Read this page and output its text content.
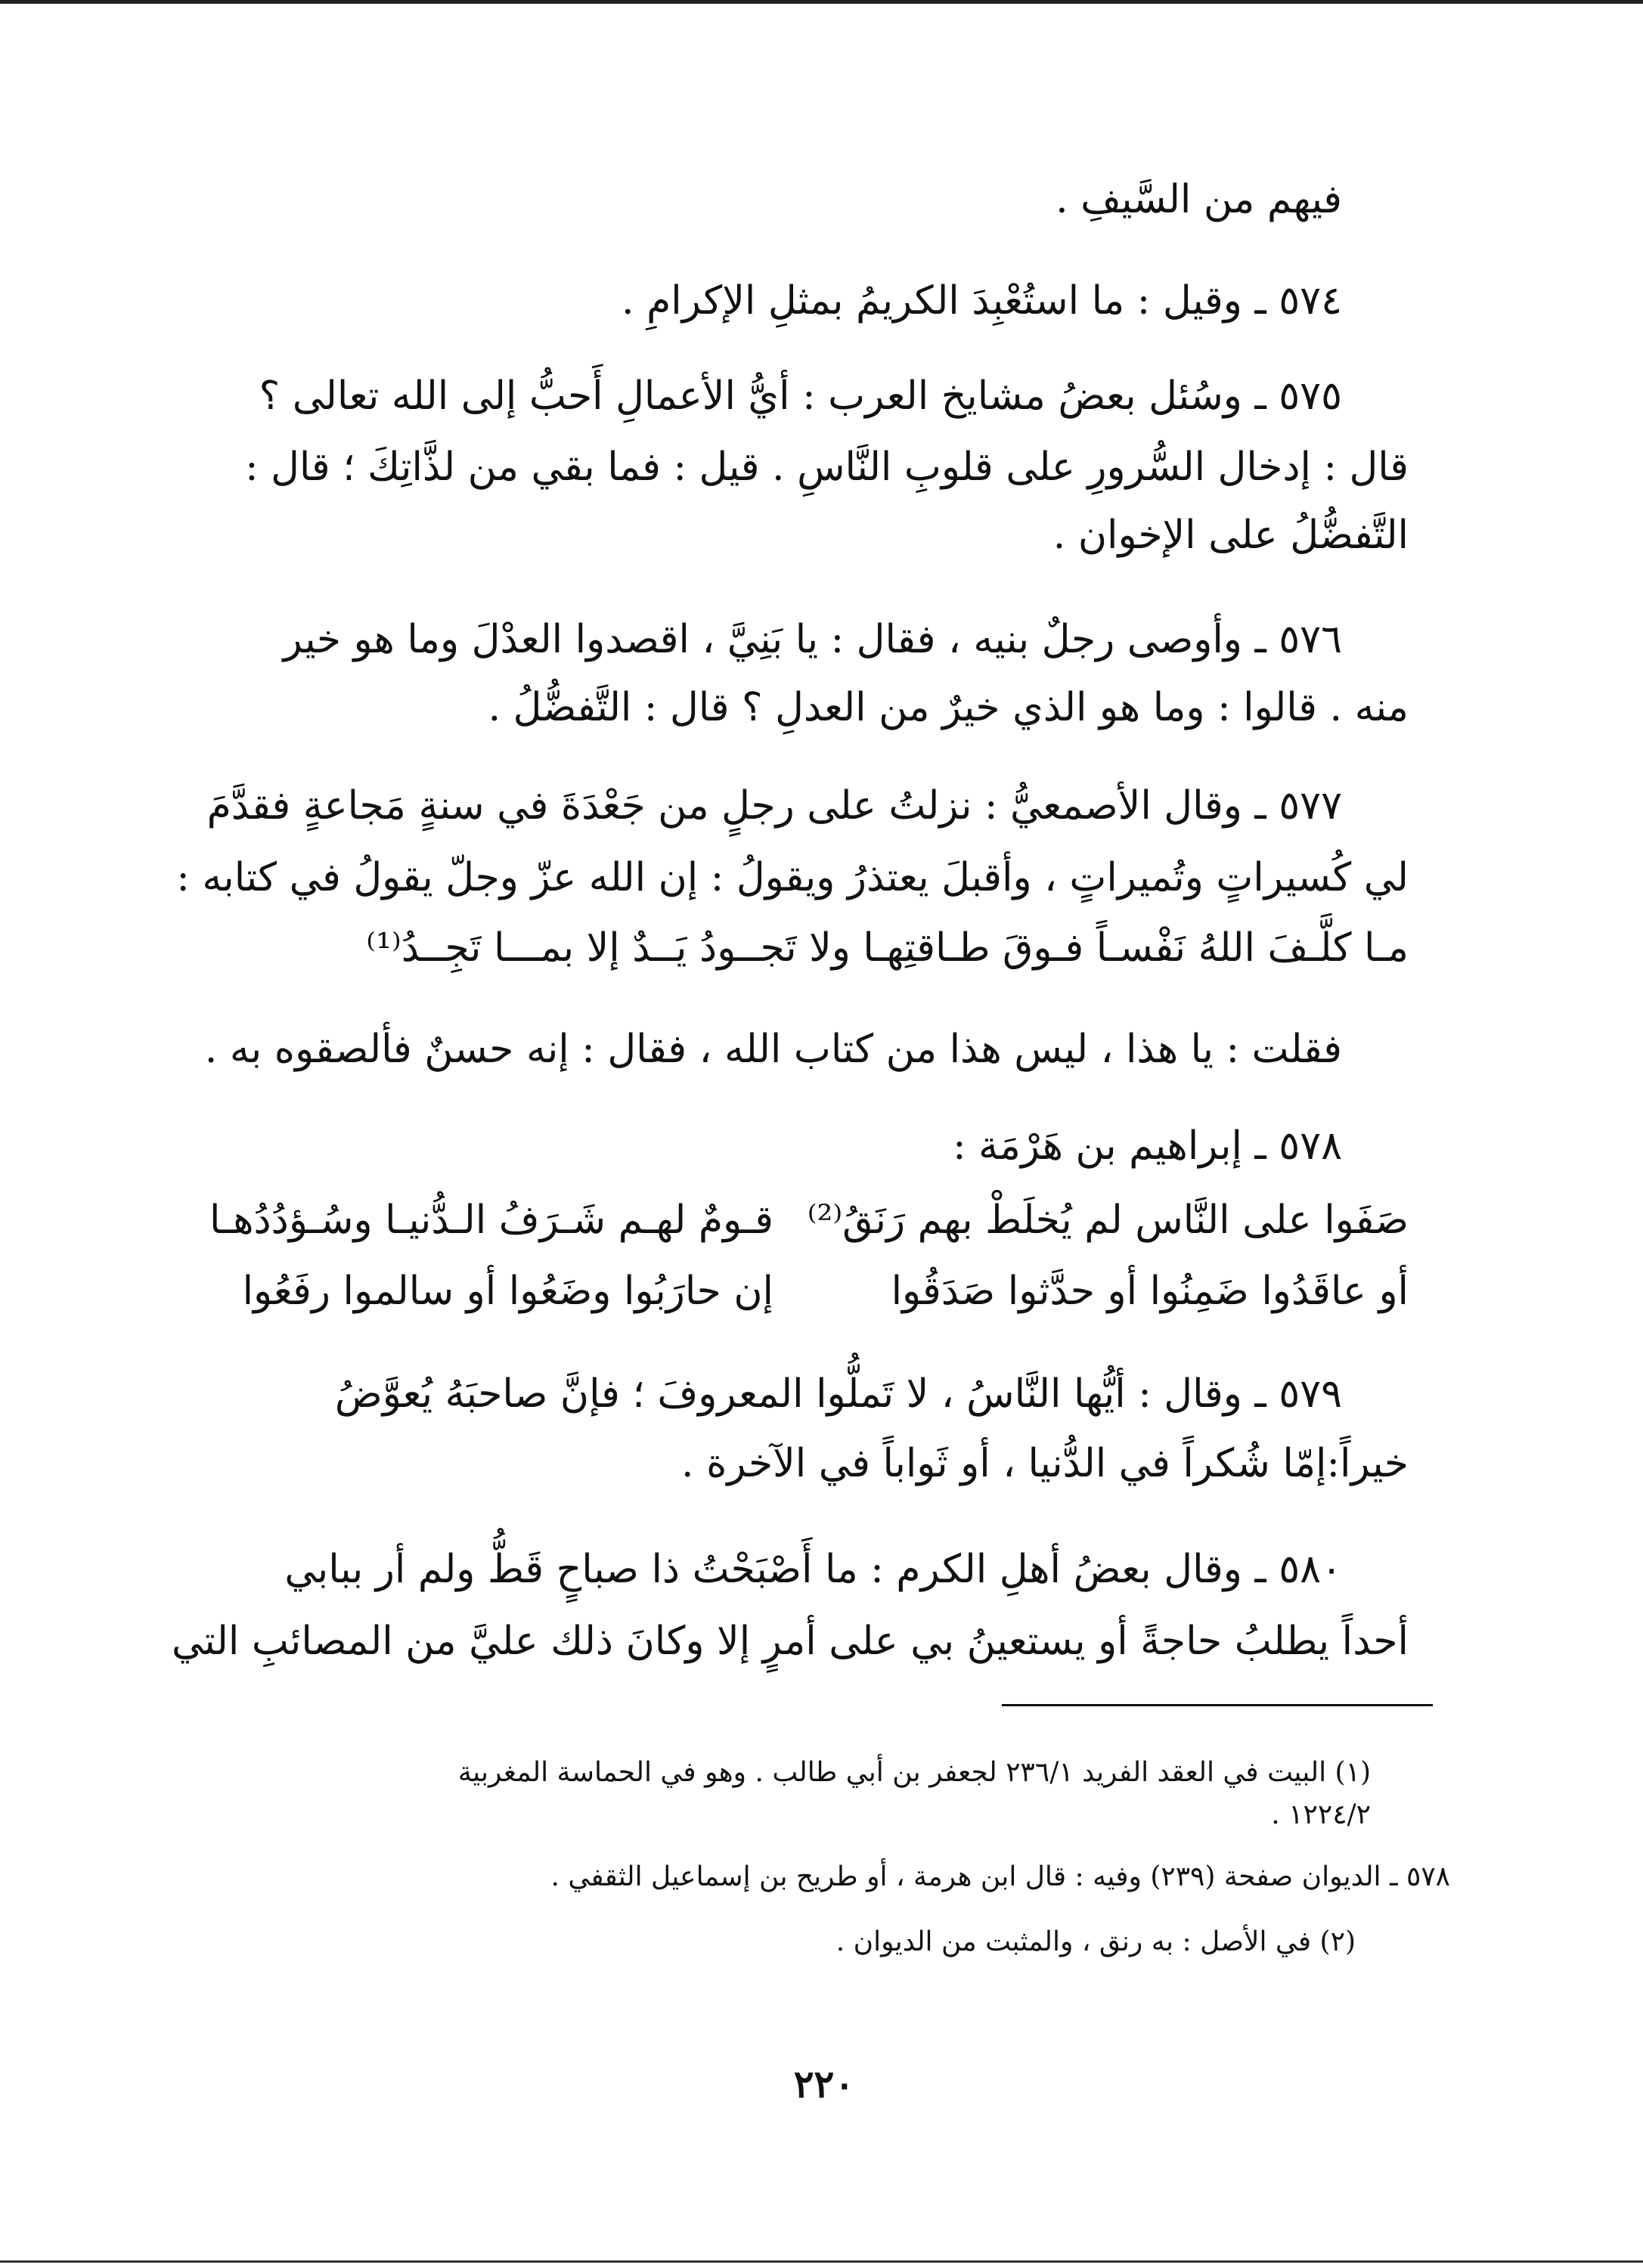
فيهم من السَّيفِ .
٥٧٤ ـ وقيل : ما استُعْبِدَ الكريمُ بمثلِ الإكرامِ .
٥٧٥ ـ وسُئل بعضُ مشايخ العرب : أيُّ الأعمالِ أَحبُّ إلى الله تعالى ؟
قال : إدخال السُّرورِ على قلوبِ النَّاسِ . قيل : فما بقي من لذَّاتِكَ ؛ قال :
التَّفضُّلُ على الإخوان .
٥٧٦ ـ وأوصى رجلٌ بنيه ، فقال : يا بَنِيَّ ، اقصدوا العدْلَ وما هو خير
منه . قالوا : وما هو الذي خيرٌ من العدلِ ؟ قال : التَّفضُّلُ .
٥٧٧ ـ وقال الأصمعيُّ : نزلتُ على رجلٍ من جَعْدَةَ في سنةٍ مَجاعةٍ فقدَّمَ
لي كُسيراتٍ وتُميراتٍ ، وأقبلَ يعتذرُ ويقولُ : إن الله عزّ وجلّ يقولُ في كتابه :
مـا كلَّـفَ اللهُ نَفْسـاً فـوقَ طـاقتِهـا ولا تَجــودُ يَــدٌ إلا بمـــا تَجِــدُ⁽¹⁾
فقلت : يا هذا ، ليس هذا من كتاب الله ، فقال : إنه حسنٌ فألصقوه به .
٥٧٨ ـ إبراهيم بن هَرْمَة :
قـومٌ لهـم شَـرَفُ الـدُّنيـا وسُـؤدُدُهـا صَفَوا على النَّاس لم يُخلَطْ بهم رَنَقُ⁽²⁾
إن حارَبُوا وضَعُوا أو سالموا رفَعُوا	أو عاقَدُوا ضَمِنُوا أو حدَّثوا صَدَقُوا
٥٧٩ ـ وقال : أيُّها النَّاسُ ، لا تَملُّوا المعروفَ ؛ فإنَّ صاحبَهُ يُعوَّضُ
خيراً:إمّا شُكراً في الدُّنيا ، أو ثَواباً في الآخرة .
٥٨٠ ـ وقال بعضُ أهلِ الكرم : ما أَصْبَحْتُ ذا صباحٍ قَطُّ ولم أر ببابي
أحداً يطلبُ حاجةً أو يستعينُ بي على أمرٍ إلا وكانَ ذلك عليَّ من المصائبِ التي
(١) البيت في العقد الفريد ٢٣٦/١ لجعفر بن أبي طالب . وهو في الحماسة المغربية
١٢٢٤/٢ .
٥٧٨ ـ الديوان صفحة (٢٣٩) وفيه : قال ابن هرمة ، أو طريح بن إسماعيل الثقفي .
(٢) في الأصل : به رنق ، والمثبت من الديوان .
٢٢٠
